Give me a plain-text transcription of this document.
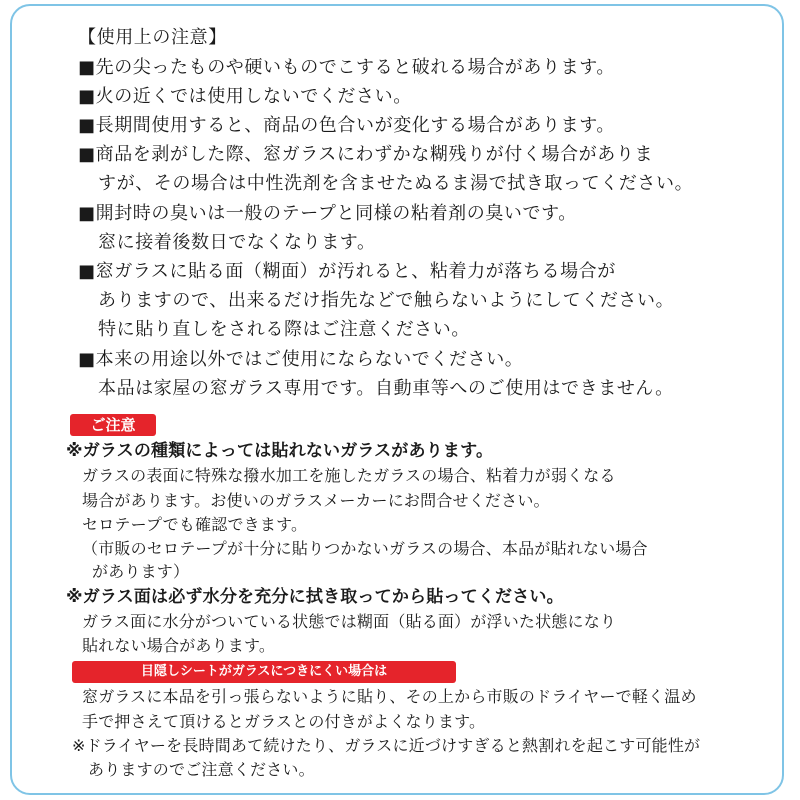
【使用上の注意】
■先の尖ったものや硬いものでこすると破れる場合があります。
■火の近くでは使用しないでください。
■長期間使用すると、商品の色合いが変化する場合があります。
■商品を剥がした際、窓ガラスにわずかな糊残りが付く場合がありま
すが、その場合は中性洗剤を含ませたぬるま湯で拭き取ってください。
■開封時の臭いは一般のテープと同様の粘着剤の臭いです。
窓に接着後数日でなくなります。
■窓ガラスに貼る面（糊面）が汚れると、粘着力が落ちる場合が
ありますので、出来るだけ指先などで触らないようにしてください。
特に貼り直しをされる際はご注意ください。
■本来の用途以外ではご使用にならないでください。
本品は家屋の窓ガラス専用です。自動車等へのご使用はできません。
ご注意
※ガラスの種類によっては貼れないガラスがあります。
ガラスの表面に特殊な撥水加工を施したガラスの場合、粘着力が弱くなる
場合があります。お使いのガラスメーカーにお問合せください。
セロテープでも確認できます。
（市販のセロテープが十分に貼りつかないガラスの場合、本品が貼れない場合
があります）
※ガラス面は必ず水分を充分に拭き取ってから貼ってください。
ガラス面に水分がついている状態では糊面（貼る面）が浮いた状態になり
貼れない場合があります。
目隠しシートがガラスにつきにくい場合は
窓ガラスに本品を引っ張らないように貼り、その上から市販のドライヤーで軽く温め
手で押さえて頂けるとガラスとの付きがよくなります。
※ドライヤーを長時間あて続けたり、ガラスに近づけすぎると熱割れを起こす可能性が
ありますのでご注意ください。
